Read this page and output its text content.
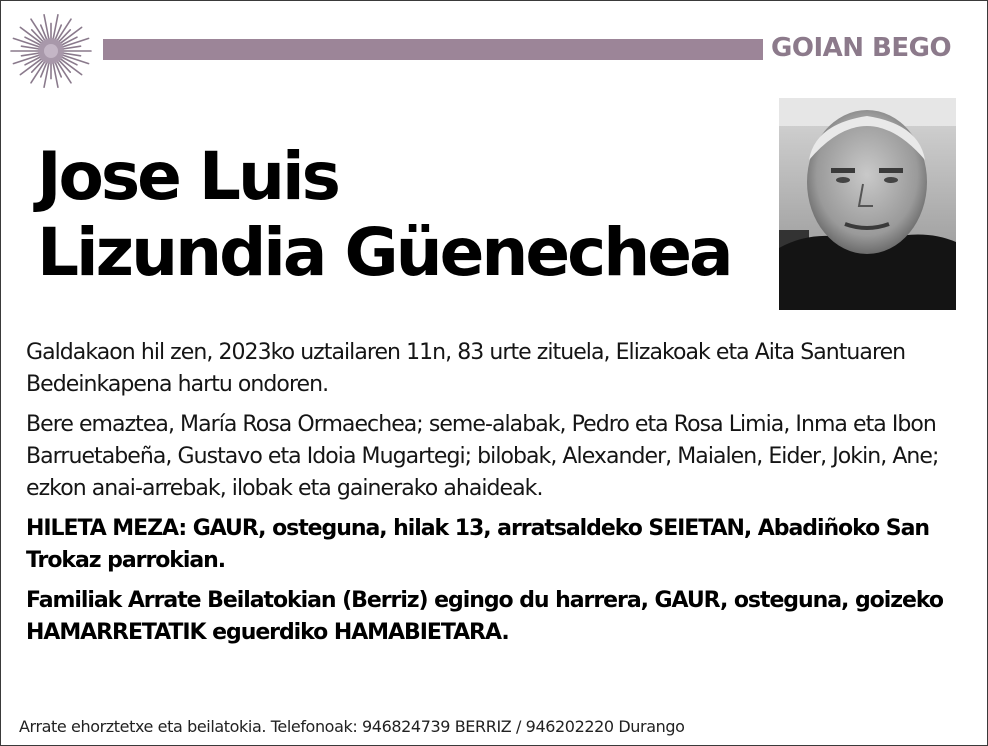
GOIAN BEGO
Jose Luis
Lizundia Güenechea

Galdakaon hil zen, 2023ko uztailaren 11n, 83 urte zituela, Elizakoak eta Aita Santuaren Bedeinkapena hartu ondoren.

Bere emaztea, María Rosa Ormaechea; seme-alabak, Pedro eta Rosa Limia, Inma eta Ibon Barruetabeña, Gustavo eta Idoia Mugartegi; bilobak, Alexander, Maialen, Eider, Jokin, Ane; ezkon anai-arrebak, ilobak eta gainerako ahaideak.

HILETA MEZA: GAUR, osteguna, hilak 13, arratsaldeko SEIETAN, Abadiñoko San Trokaz parrokian.

Familiak Arrate Beilatokian (Berriz) egingo du harrera, GAUR, osteguna, goizeko HAMARRETATIK eguerdiko HAMABIETARA.

Arrate ehorztetxe eta beilatokia. Telefonoak: 946824739 BERRIZ / 946202220 Durango
